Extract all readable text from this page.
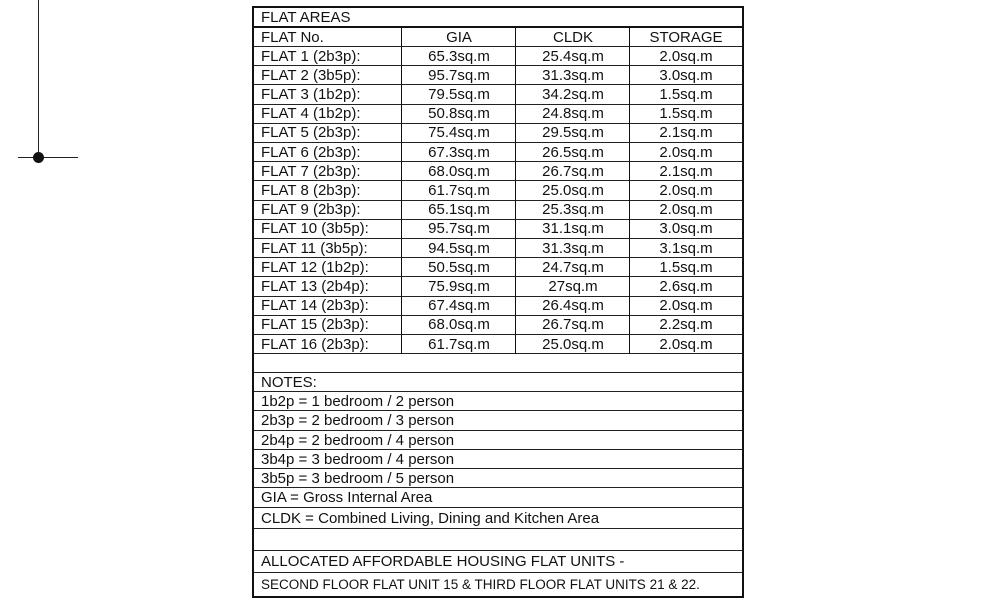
FLAT AREAS
FLAT No.	GIA	CLDK	STORAGE
FLAT 1 (2b3p):	65.3sq.m	25.4sq.m	2.0sq.m
FLAT 2 (3b5p):	95.7sq.m	31.3sq.m	3.0sq.m
FLAT 3 (1b2p):	79.5sq.m	34.2sq.m	1.5sq.m
FLAT 4 (1b2p):	50.8sq.m	24.8sq.m	1.5sq.m
FLAT 5 (2b3p):	75.4sq.m	29.5sq.m	2.1sq.m
FLAT 6 (2b3p):	67.3sq.m	26.5sq.m	2.0sq.m
FLAT 7 (2b3p):	68.0sq.m	26.7sq.m	2.1sq.m
FLAT 8 (2b3p):	61.7sq.m	25.0sq.m	2.0sq.m
FLAT 9 (2b3p):	65.1sq.m	25.3sq.m	2.0sq.m
FLAT 10 (3b5p):	95.7sq.m	31.1sq.m	3.0sq.m
FLAT 11 (3b5p):	94.5sq.m	31.3sq.m	3.1sq.m
FLAT 12 (1b2p):	50.5sq.m	24.7sq.m	1.5sq.m
FLAT 13 (2b4p):	75.9sq.m	27sq.m	2.6sq.m
FLAT 14 (2b3p):	67.4sq.m	26.4sq.m	2.0sq.m
FLAT 15 (2b3p):	68.0sq.m	26.7sq.m	2.2sq.m
FLAT 16 (2b3p):	61.7sq.m	25.0sq.m	2.0sq.m
NOTES:
1b2p = 1 bedroom / 2 person
2b3p = 2 bedroom / 3 person
2b4p = 2 bedroom / 4 person
3b4p = 3 bedroom / 4 person
3b5p = 3 bedroom / 5 person
GIA = Gross Internal Area
CLDK = Combined Living, Dining and Kitchen Area
ALLOCATED AFFORDABLE HOUSING FLAT UNITS -
SECOND FLOOR FLAT UNIT 15 & THIRD FLOOR FLAT UNITS 21 & 22.
